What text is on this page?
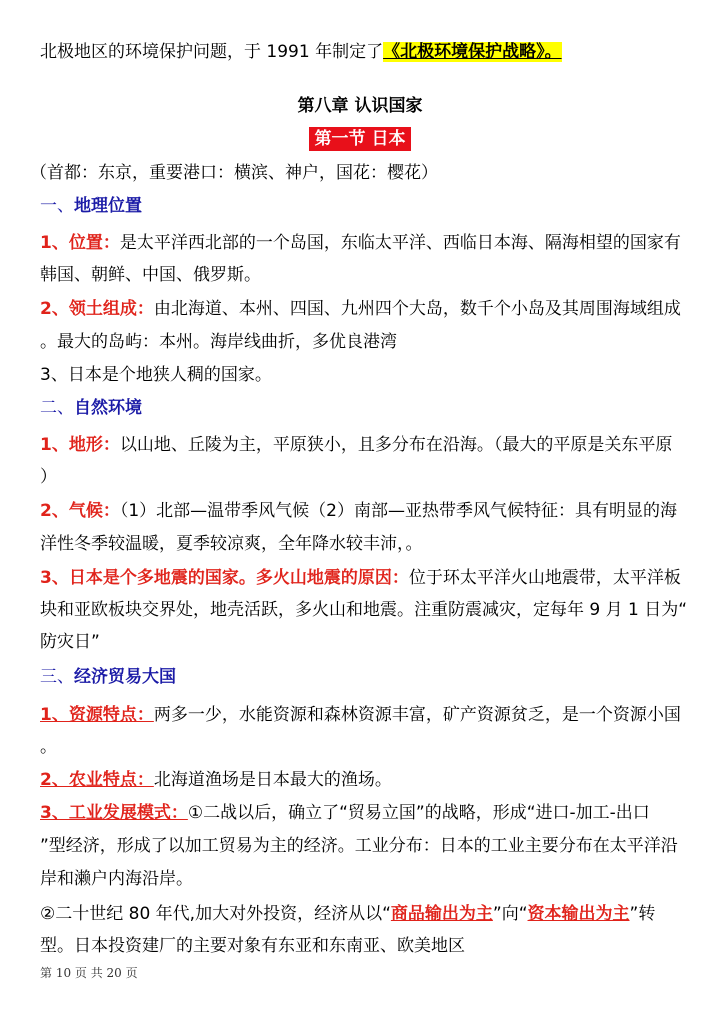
北极地区的环境保护问题，于 1991 年制定了《北极环境保护战略》。
第八章 认识国家
第一节 日本
（首都：东京，重要港口：横滨、神户，国花：樱花）
一、地理位置
1、位置：是太平洋西北部的一个岛国，东临太平洋、西临日本海、隔海相望的国家有
韩国、朝鲜、中国、俄罗斯。
2、领土组成：由北海道、本州、四国、九州四个大岛，数千个小岛及其周围海域组成
。最大的岛屿：本州。海岸线曲折，多优良港湾
3、日本是个地狭人稠的国家。
二、自然环境
1、地形：以山地、丘陵为主，平原狭小，且多分布在沿海。（最大的平原是关东平原
）
2、气候：（1）北部—温带季风气候（2）南部—亚热带季风气候特征：具有明显的海
洋性冬季较温暖，夏季较凉爽，全年降水较丰沛，。
3、日本是个多地震的国家。多火山地震的原因：位于环太平洋火山地震带，太平洋板
块和亚欧板块交界处，地壳活跃，多火山和地震。注重防震减灾，定每年 9 月 1 日为“
防灾日”
三、经济贸易大国
1、资源特点：两多一少，水能资源和森林资源丰富，矿产资源贫乏，是一个资源小国
。
2、农业特点：北海道渔场是日本最大的渔场。
3、工业发展模式：①二战以后，确立了“贸易立国”的战略，形成“进口-加工-出口
”型经济，形成了以加工贸易为主的经济。工业分布：日本的工业主要分布在太平洋沿
岸和濑户内海沿岸。
②二十世纪 80 年代,加大对外投资，经济从以“商品输出为主”向“资本输出为主”转
型。日本投资建厂的主要对象有东亚和东南亚、欧美地区
第 10 页 共 20 页
